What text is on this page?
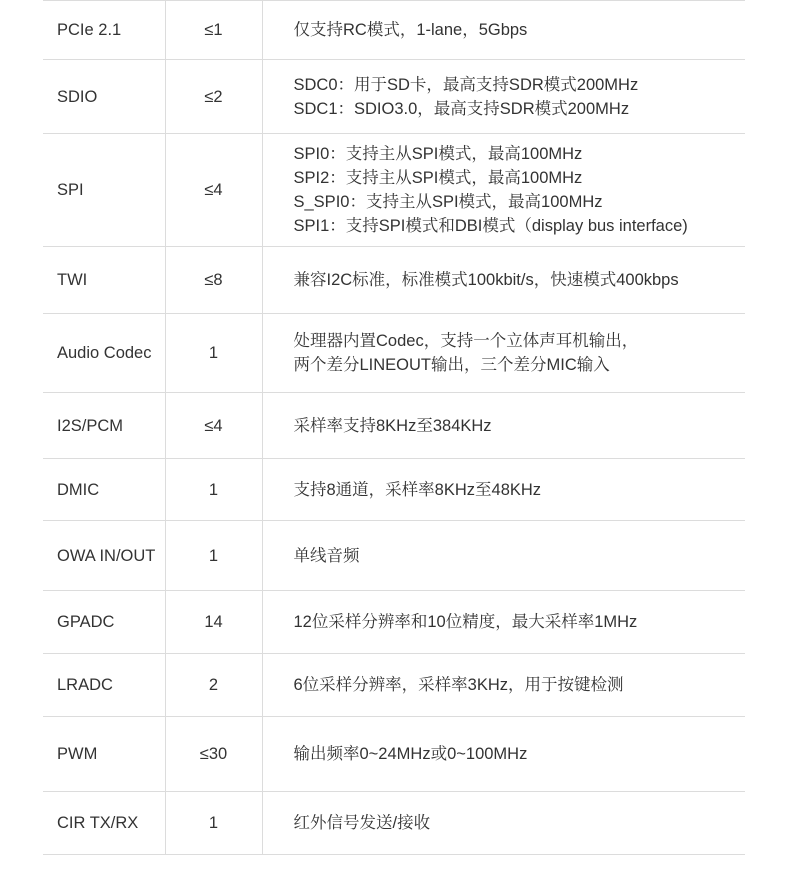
PCIe 2.1	≤1	仅支持RC模式，1-lane，5Gbps

SDIO	≤2	SDC0：用于SD卡，最高支持SDR模式200MHz
SDC1：SDIO3.0，最高支持SDR模式200MHz

SPI	≤4	SPI0：支持主从SPI模式，最高100MHz
SPI2：支持主从SPI模式，最高100MHz
S_SPI0：支持主从SPI模式，最高100MHz
SPI1：支持SPI模式和DBI模式（display bus interface)

TWI	≤8	兼容I2C标准，标准模式100kbit/s，快速模式400kbps

Audio Codec	1	处理器内置Codec，支持一个立体声耳机输出，
两个差分LINEOUT输出，三个差分MIC输入

I2S/PCM	≤4	采样率支持8KHz至384KHz

DMIC	1	支持8通道，采样率8KHz至48KHz

OWA IN/OUT	1	单线音频

GPADC	14	12位采样分辨率和10位精度，最大采样率1MHz

LRADC	2	6位采样分辨率，采样率3KHz，用于按键检测

PWM	≤30	输出频率0~24MHz或0~100MHz

CIR TX/RX	1	红外信号发送/接收
